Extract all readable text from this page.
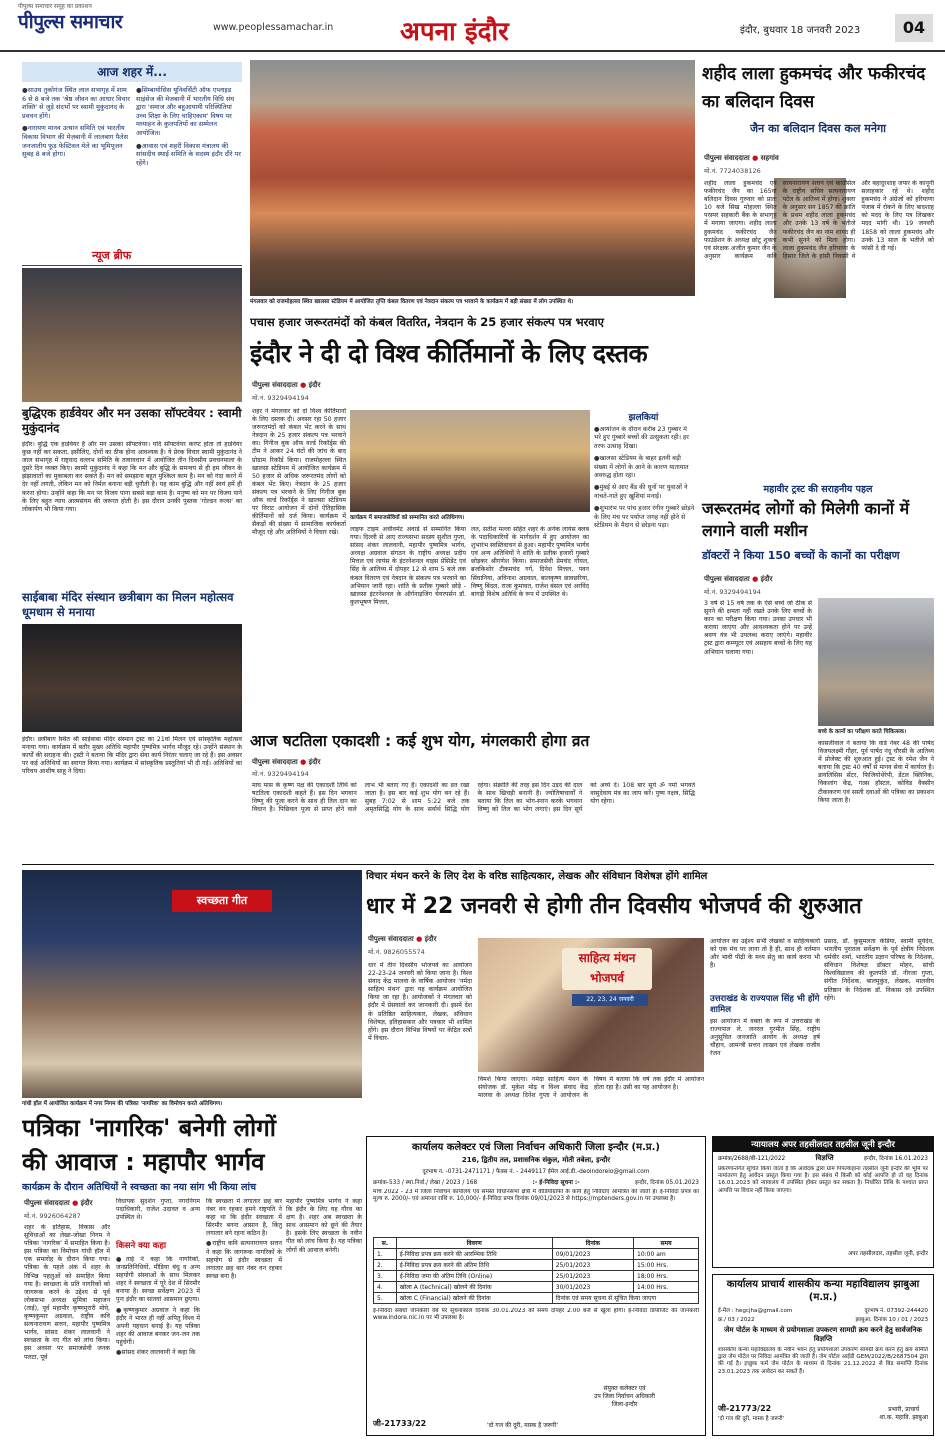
पीपुल्स समाचार समूह का प्रकाशन
पीपुल्स समाचार	www.peoplessamachar.in	अपना इंदौर	इंदौर, बुधवार 18 जनवरी 2023	04
आज शहर में...

● साउथ तुकोगंज स्थित लाल सभागृह में शाम 6 से 8 बजे तक 'श्रेष्ठ जीवन का आधार विचार शक्ति' से जुड़े संदर्भो पर स्वामी मुकुंदानंद के प्रवचन होंगे।

● नारायण मानव उत्थान समिति एवं भारतीय विकास विभाग की मेज़बानी में लालबाग पैलेस जनजातीय फूड फेस्टिवल मेले का भूमिपूजन सुबह 8 बजे होगा।

● सिम्बायोसिस यूनिवर्सिटी ऑफ एप्लाइड साइंसेज की मेजबानी में भारतीय विधि संघ द्वारा 'समाज और बहुआयामी परिस्थितियां उच्च शिक्षा के लिए चाहिएकाम' विषय पर मध्याहन के कुलपतियों का सम्मेलन आयोजित।

● आवास एवं शहरी विकास मंत्रालय की सांसदीय स्थाई समिति के सदस्य इंदौर दौरे पर रहेंगे।

न्यूज ब्रीफ
बुद्धिएक हार्डवेयर और मन उसका सॉफ्टवेयर : स्वामी मुकुंदानंद
इंदौर। बुद्धि एक हार्डवेयर है और मन उसका सॉफ्टवेयर। यदि सॉफ्टवेयर करप्ट होता तो हार्डवेयर कुछ नहीं कर सकता, इसीलिए, दोनों का ठीक होना आवश्यक है। ये प्रेरक विचार स्वामी मुकुंदानंद ने जाल सभागृह में राष्ट्रवाद वल्लभ समिति के तत्वावधान में आयोजित तीन दिवसीय प्रवचनमाला के दूसरे दिन व्यक्त किए। स्वामी मुकुंदानंद ने कहा कि मन और बुद्धि के समन्वय से ही हम जीवन के झंझावातों का मुकाबला कर सकते हैं। मन को समझाना बहुत मुश्किल काम है। मन को गंदा करने में देर नहीं लगती, लेकिन मन को निर्मल बनाना बड़ी चुनौती है। यह काम बुद्धि और नहीं स्वयं हमें ही करना होगा। उन्होंने कहा कि मन पर विजय पाना सबसे बड़ा काम है। मनुष्य को मन पर विजय पाने के लिए बहुत न्याय आत्मसंयम की जरूरत होती है। इस दौरान उनकी पुस्तक 'गोल्डन रूल्स' का लोकार्पण भी किया गया।
साईबाबा मंदिर संस्थान छत्रीबाग का मिलन महोत्सव धूमधाम से मनाया
इंदौर। छत्रीबाग स्थित श्री साईबाबा मंदिर संस्थान ट्रस्ट का 21वां मिलन एवं सांस्कृतिक महोत्सव मनाया गया। कार्यक्रम में बतौर मुख्य अतिथि महापौर पुष्यमित्र भार्गव मौजूद रहे। उन्होंने संस्थान के कार्यों की सराहना की। ट्रस्टी ने बताया कि मंदिर द्वारा सेवा कार्य निरंतर चलाए जा रहे हैं। इस अवसर पर कई अतिथियों का स्वागत किया गया। कार्यक्रम में सांस्कृतिक प्रस्तुतियां भी दी गईं। अतिथियों का परिचय आशीष साहू ने दिया।
मंगलवार को राजमोहल्ला स्थित खालसा स्टेडियम में आयोजित तृप्ति कंबल वितरण एवं नेत्रदान संकल्प पत्र भरवाने के कार्यक्रम में बड़ी संख्या में लोग उपस्थित थे।
पचास हजार जरूरतमंदों को कंबल वितरित, नेत्रदान के 25 हजार संकल्प पत्र भरवाए
इंदौर ने दी दो विश्व कीर्तिमानों के लिए दस्तक
पीपुल्स संवाददाता ● इंदौर
मो.नं. 9329494194
शहर ने मंगलवार को दो विश्व कीर्तिमानों के लिए दस्तक दी। अवसर रहा 50 हजार जरूरतमंदों को कंबल भेंट करने के साथ नेत्रदान के 25 हजार संकल्प पत्र भरवाने का। गिनीज बुक ऑफ वर्ल्ड रिकॉर्ड्स की टीम ने आकर 24 घंटों की जांच के बाद प्रोग्राम रिकॉर्ड किया। राजमोहल्ला स्थित खालसा स्टेडियम में आयोजित कार्यक्रम में 50 हजार से अधिक जरूरतमंद लोगों को कंबल भेंट किए। नेत्रदान के 25 हजार संकल्प पत्र भरवाने के लिए गिनीज बुक ऑफ वर्ल्ड रिकॉर्ड्स ने खालसा स्टेडियम पर विराट आयोजन में दोनों ऐतिहासिक कीर्तिमानों को दर्ज किया। कार्यक्रम में सैकड़ों की संख्या में सामाजिक कार्यकर्ता मौजूद रहे और अतिथियों ने विचार रखे।
कार्यक्रम में समाजसेवियों को सम्मानित करते अतिथिगण।
लाइफ टाइम अचीवमेंट अवार्ड से सम्मानित किया गया। दिल्ली से आए राज्यसभा सदस्य सुशील गुप्ता, सांसद शंकर लालवानी, महापौर पुष्यमित्र भार्गव, अध्यक्ष अग्रवाल संगठन के राष्ट्रीय अध्यक्ष प्रदीप मित्तल एवं लायंस के इंटरनेशनल वाइस प्रेसिडेंट एवं सिंह के आतिथ्य में दोपहर 12 से शाम 5 बजे तक कंबल वितरण एवं नेत्रदान के संकल्प पत्र भरवाने का अभियान जारी रहा। शांति के प्रतीक गुब्बारे छोड़े - खालसा इंटरनेशनल के ऑर्गनाइजिंग चेयरपर्सन डॉ. कुलभूषण मित्तल,
लत, सतीश मल्ला सहित शहर के अनेक लायंस क्लब के पदाधिकारियों के मार्गदर्शन में हुए आयोजन का शुभारंभ स्वस्तिवाचन से हुआ। महापौर पुष्यमित्र भार्गव एवं अन्य अतिथियों ने शांति के प्रतीक हजारों गुब्बारे छोड़कर श्रीगणेश किया। समाजसेवी प्रेमचंद गोयल, ब्रजकिशोर टीकमचंद गर्ग, दिनेश मित्तल, पवन सिंघानिया, अविनाश अग्रवाल, बालकृष्ण छावछरिया, विष्णु बिंदल, राजा कुमावत, राजेश बंसल एवं अरविंद बागड़ी विशेष अतिथि के रूप में उपस्थित थे।
झलकियां

● आयोजन के दौरान करीब 23 गुब्बार में भरे हुए गुब्बारे बच्चों की उत्सुकता रही। हर तरफ उत्साह दिखा।

● खालसा स्टेडियम के बाहर इतनी बड़ी संख्या में लोगों के आने के कारण यातायात अवरुद्ध होता रहा।

● मुंबई से आए बैंड की धुनों पर युवाओं ने नाचते-गाते हुए खुशियां मनाईं।

● शुभारंभ पर पांच हजार रंगीन गुब्बारे छोड़ने के लिए मंच पर पर्याप्त जगह नहीं होने से स्टेडियम के मैदान से छोड़ना पड़ा।

आज षटतिला एकादशी : कई शुभ योग, मंगलकारी होगा व्रत
पीपुल्स संवाददाता ● इंदौर
मो.नं. 9329494194
माघ मास के कृष्ण पक्ष की एकादशी तिथि को षटतिला एकादशी कहते हैं। इस दिन भगवान विष्णु की पूजा करने के साथ ही तिल दान का विधान है। पिछिवल पूजा से प्राप्त होने वाले लाभ भी बताए गए हैं। एकादशी का व्रत रखा जाता है। इस बार कई शुभ योग बन रहे हैं। सुबह 7:02 से शाम 5:22 बजे तक अमृतसिद्धि योग के साथ सर्वार्थ सिद्धि योग रहेगा। संक्रांति की तरह इस दिन उड़द की दाल के साथ खिचड़ी बनानी है। ज्योतिषाचार्यों ने बताया कि तिल का भोग-स्नान करके भगवान विष्णु को तिल का भोग लगाएं। इस दिन सूर्य को अर्घ्य दें। 108 बार सूर्य ॐ नमो भगवते वासुदेवाय मंत्र का जाप करें। पुष्य नक्षत्र, सिद्धि योग रहेगा।
शहीद लाला हुकमचंद और फकीरचंद का बलिदान दिवस
जैन का बलिदान दिवस कल मनेगा
पीपुल्स संवाददाता ● सहगांव
मो.नं. 7724038126
शहीद लाला हुकमचंद एवं फकीरचंद जैन का 165वां बलिदान दिवस गुरुवार को प्रातः 10 बजे सिख मोहल्ला स्थित परस्पर सहकारी बैंक के सभागृह में मनाया जाएगा। शहीद लाला हुकमचंद फकीरचंद जैन फाउंडेशन के अध्यक्ष छोटू शुक्ला एवं संरक्षक अजीत कुमार जैन के अनुसार कार्यक्रम कवि सत्यनारायण सत्तन एवं काउंसिल के राष्ट्रीय सचिव सत्यनारायण पटेल के आतिथ्य में होगा। शुक्ला के अनुसार सन 1857 की क्रांति के प्रथम शहीद लाला हुकमचंद और उनके 13 वर्ष के भतीजे फकीरचंद जैन का नाम शायद ही कभी सुनने को मिला होगा। लाला हुकमचंद जैन हरियाणा के हिसार जिले के हांसी निवासी थे और बहादुरशाह जफर के कानूनी सलाहकार रहे थे। शहीद हुकमचंद ने अंग्रेजों को हरियाणा पंजाब में रोकने के लिए बादशाह को मदद के लिए पत्र लिखकर मदद मांगी थी। 19 जनवरी 1858 को लाला हुकमचंद और उनके 13 साल के भतीजे को फांसी दे दी गई।
महावीर ट्रस्ट की सराहनीय पहल
जरूरतमंद लोगों को मिलेगी कानों में लगाने वाली मशीन
डॉक्टरों ने किया 150 बच्चों के कानों का परीक्षण
पीपुल्स संवाददाता ● इंदौर
मो.नं. 9329494194
3 वर्ष से 15 वर्ष तक के ऐसे बच्चे जो ठीक से सुनने की क्षमता नहीं रखते उनके लिए बच्चों के कान का परीक्षण किया गया। उनका उपचार भी कराया जाएगा और आवश्यकता होने पर उन्हें श्रवण यंत्र भी उपलब्ध कराए जाएंगे। महावीर ट्रस्ट द्वारा कम्प्यूटर एवं असहाय बच्चों के लिए यह अभियान चलाया गया।
बच्चे के कानों का परीक्षण करते चिकित्सक।
कासलीवाल ने बताया कि वार्ड नंबर 48 की पार्षद विजयलक्ष्मी गौहर, पूर्व पार्षद नंदू चौरसी के आतिथ्य में प्रोजेक्ट की शुरुआत हुई। ट्रस्ट के रमेश जैन ने बताया कि ट्रस्ट 40 वर्षों से मानव सेवा में कार्यरत है। डायलिसिस सेंटर, फिजियोथेरेपी, डेंटल क्लिनिक, विकलांग केंद्र, गल्र्स हॉस्टल, कोविड वैक्सीन टीकाकरण एवं सस्ती दवाओं की पत्रिका का प्रकाशन किया जाता है।
विचार मंथन करने के लिए देश के वरिष्ठ साहित्यकार, लेखक और संविधान विशेषज्ञ होंगे शामिल
धार में 22 जनवरी से होगी तीन दिवसीय भोजपर्व की शुरुआत
पीपुल्स संवाददाता ● इंदौर
मो.नं. 9826055574
धार में तीन दिवसीय भोजपर्व का आयोजन 22-23-24 जनवरी को किया जाना है। विश्व संवाद केंद्र मालवा के वार्षिक आयोजन 'नर्मदा साहित्य मंथन' द्वारा यह कार्यक्रम आयोजित किया जा रहा है। आयोजकों ने मंगलवार को इंदौर में प्रेसवार्ता कर जानकारी दी। इसमें देश के प्रतिष्ठित साहित्यकार, लेखक, संविधान विशेषज्ञ, इतिहासकार और पत्रकार भी शामिल होंगे। इस दौरान विभिन्न विषयों पर केंद्रित सत्रों में विचार-
साहित्य मंथन भोजपर्व
22, 23, 24 जनवरी
विमर्श किया जाएगा। नर्मदा साहित्य मंथन के संयोजक डॉ. मुकेश मोढ़ व विश्व संवाद केंद्र मालवा के अध्यक्ष दिनेश गुप्ता ने आयोजन के विषय में बताया कि वर्ष तक इंदौर में आयोजन होता रहा है। उसी का यह आयोजन है।
आयोजन का उद्देश्य सभी लेखकों व साहित्यकारों को एक मंच पर लाना तो है ही, साथ ही वर्तमान और भावी पीढ़ी के मध्य सेतु का कार्य करना भी है।
उत्तराखंड के राज्यपाल सिंह भी होंगे शामिल
इस आयोजन में वक्ता के रूप में उत्तराखंड के राज्यपाल ले. जनरल गुरमीत सिंह, राष्ट्रीय अनुसूचित जनजाति आयोग के अध्यक्ष हर्ष चौहान, आमन्त्री सत्तन लाखन एवं लेखक राजीव रंजन
प्रसाद, डॉ. कुसुमलता केडिया, स्वामी सुर्यदेव, भारतीय पुरातत्व सर्वेक्षण के पूर्व क्षेत्रीय निदेशक धर्मवीर शर्मा, भारतीय प्रज्ञान परिषद के निदेशक, संविधान विशेषज्ञ डॉक्टर मोहन, सांची विश्वविद्यालय की कुलपति डॉ. नीरजा गुप्ता, संगीत निर्देशक, बालमुकुंद, लेखक, मालवीय प्रतिष्ठान के निदेशक डॉ. विकास दवे उपस्थित रहेंगे।
स्वच्छता गीत
गांधी हॉल में आयोजित कार्यक्रम में नगर निगम की पत्रिका 'नागरिक' का विमोचन करते अतिथिगण।
पत्रिका 'नागरिक' बनेगी लोगों
की आवाज : महापौर भार्गव
कार्यक्रम के दौरान अतिथियों ने स्वच्छता का नया सांग भी किया लांच
पीपुल्स संवाददाता ● इंदौर
मो.नं. 9926064287
शहर के इतिहास, विकास और सुविधाओं का लेखा-जोखा निगम ने पत्रिका 'नागरिक' में समाहित किया है। इस पत्रिका का विमोचन गांधी हॉल में एक समारोह के दौरान किया गया। पत्रिका के पहले अंक में शहर के विभिन्न पहलुओं को समाहित किया गया है। स्वच्छता के प्रति नागरिकों को जागरूक करने के उद्देश्य से पूर्व लोकसभा अध्यक्ष सुमित्रा महाजन (ताई), पूर्व महापौर कृष्णमुरारी मोघे, कृष्णकुमार अग्रवाल, राष्ट्रीय कवि सत्यनारायण सत्तन, महापौर पुष्यमित्र भार्गव, सांसद शंकर लालवानी ने स्वच्छता के नए गीत को लांच किया। इस अवसर पर समाजसेवी जनक पलटा, पूर्व
विधायक सुदर्शन गुप्ता, नगरनिगम पदाधिकारी, राजेश उदावत व अन्य उपस्थित थे।
किसने क्या कहा

● ताई ने कहा कि नागरिकों, जनप्रतिनिधियों, मीडिया बंधु व अन्य सहयोगी संस्थाओं के साथ मिलकर शहर ने स्वच्छता में पूरे देश में सिरमौर बनाया है। स्वच्छ सर्वेक्षण 2023 में पुनः इंदौर का सातवां आसमान छुएगा।

● कृष्णकुमार अग्रवाल ने कहा कि इंदौर ने भारत ही नहीं अपितु विश्व में अपनी पहचान बनाई है। यह पत्रिका शहर की आवाज बनकर जन-जन तक पहुंचेगी।

● सांसद शंकर लालवानी ने कहा कि

कि स्वच्छता में लगातार छह बार नंबर वन रहकर हमने राष्ट्रपति ने कहा था कि इंदौर स्वच्छता में सिरमौर बनना आसान है, किंतु लगातार बने रहना कठिन है।

● राष्ट्रीय कवि सत्यनारायण सत्तन ने कहा कि जागरूक नागरिकों के सहयोग से इंदौर स्वच्छता में लगातार छह बार नंबर वन रहकर स्वच्छ बना है।

महापौर पुष्यमित्र भार्गव ने कहा कि इंदौर के लिए यह गौरव का क्षण है। शहर अब स्वच्छता के साथ आसमान को छूने की तैयार है। इसके लिए स्वच्छता के नवीन गीत को लांच किया है। यह पत्रिका लोगों की आवाज बनेगी।
कार्यालय कलेक्टर एवं जिला निर्वाचन अधिकारी जिला इन्दौर (म.प्र.)
216, द्वितीय तल, प्रशासनिक संकुल, मोती तबेला, इन्दौर
दूरभाष न. -0731-2471171 / फैक्स नं. - 2449117 ईमेल आई.डी.-deoindorelo@gmail.com
क्रमांक-533 / स्था.निर्वा./ लेखा / 2023 / 168	:- ई-निविदा सूचना :-	इन्दौर, दिनांक 05.01.2023
मार्च 2022 - 23 में जिला निर्वाचन कार्यालय एवं समस्त विधानसभा क्षेत्रों में वीडियोग्राफी के कार्य हेतु निविदाएं आमंत्रित की जाती हैं। ई-निविदा प्रपत्र का मूल्य रु. 2000/- एवं अमानत राशि रु. 10,000/- ई-निविदा प्रपत्र दिनांक 09/01/2023 से https://mptenders.gov.in पर उपलब्ध है।
स.	विवरण	दिनांक	समय
1.	ई-निविदा प्रपत्र क्रय करने की आरम्भिक तिथि	09/01/2023	10:00 am
2.	ई-निविदा प्रपत्र क्रय करने की अंतिम तिथि	25/01/2023	15:00 Hrs.
3.	ई-निविदा जमा की अंतिम तिथि (Online)	25/01/2023	18:00 Hrs.
4.	खोला A (technical) खोलने की दिनांक	30/01/2023	14:00 Hrs.
5.	खोला C (Financial) खोलने की दिनांक	दिनांक एवं समय सूचना से सूचित किया जाएगा	
ई-निविदा संबंधी जानकारी वेब पर सूचनाकाल दिनांक 30.01.2023 को समय दोपहर 2.00 बजे से खुला होगा। ई-निविदा डिपोजिट की जानकारी www.indore.nic.in पर भी उपलब्ध है।
संयुक्त कलेक्टर एवं
उप जिला निर्वाचन अधिकारी
जिला-इन्दौर
जी-21733/22	'दो गज की दूरी, मास्क है जरूरी'
न्यायालय अपर तहसीलदार तहसील जूनी इन्दौर
क्रमांक/2688/बी-121/2022	विज्ञप्ति	इन्दौर, दिनांक 16.01.2023
प्रकरणान्तर्गत सूचित किया जाता है कि आवेदक द्वारा ग्राम पिपल्याहाना तहसील जूनी इन्दौर की भूमि पर नामांतरण हेतु आवेदन प्रस्तुत किया गया है। इस संबंध में किसी को कोई आपत्ति हो तो वह दिनांक 16.01.2023 को न्यायालय में उपस्थित होकर प्रस्तुत कर सकता है। निर्धारित तिथि के पश्चात प्राप्त आपत्ति पर विचार नहीं किया जाएगा।
अपर तहसीलदार, तहसील जूनी, इन्दौर
कार्यालय प्राचार्य शासकीय कन्या महाविद्यालय झाबुआ (म.प्र.)
ई-मेल : hegcjha@gmail.com	दूरभाष नं. 07392-244420
क्र./ 03 / 2022	झाबुआ, दिनांक 10 / 01 / 2023
जेम पोर्टल के माध्यम से प्रयोगशाला उपकरण सामग्री क्रय करने हेतु सार्वजनिक विज्ञप्ति
शासकीय कन्या महाविद्यालय के नवीन भवन हेतु प्रयोगशाला उपकरण सामग्री क्रय करने हेतु क्रय समिति द्वारा जेम पोर्टल पर निविदा आमंत्रित की जाती है। जेम पोर्टल आईडी GEM/2022/B/2687504 द्वारा की गई है। इच्छुक फर्म जेम पोर्टल के माध्यम से दिनांक 21.12.2022 से बिड समाप्ति दिनांक 23.01.2023 तक आवेदन कर सकते हैं।
जी-21773/22
'दो गज की दूरी, मास्क है जरूरी'
प्रभारी, प्राचार्य
शा.क. महावि. झाबुआ
